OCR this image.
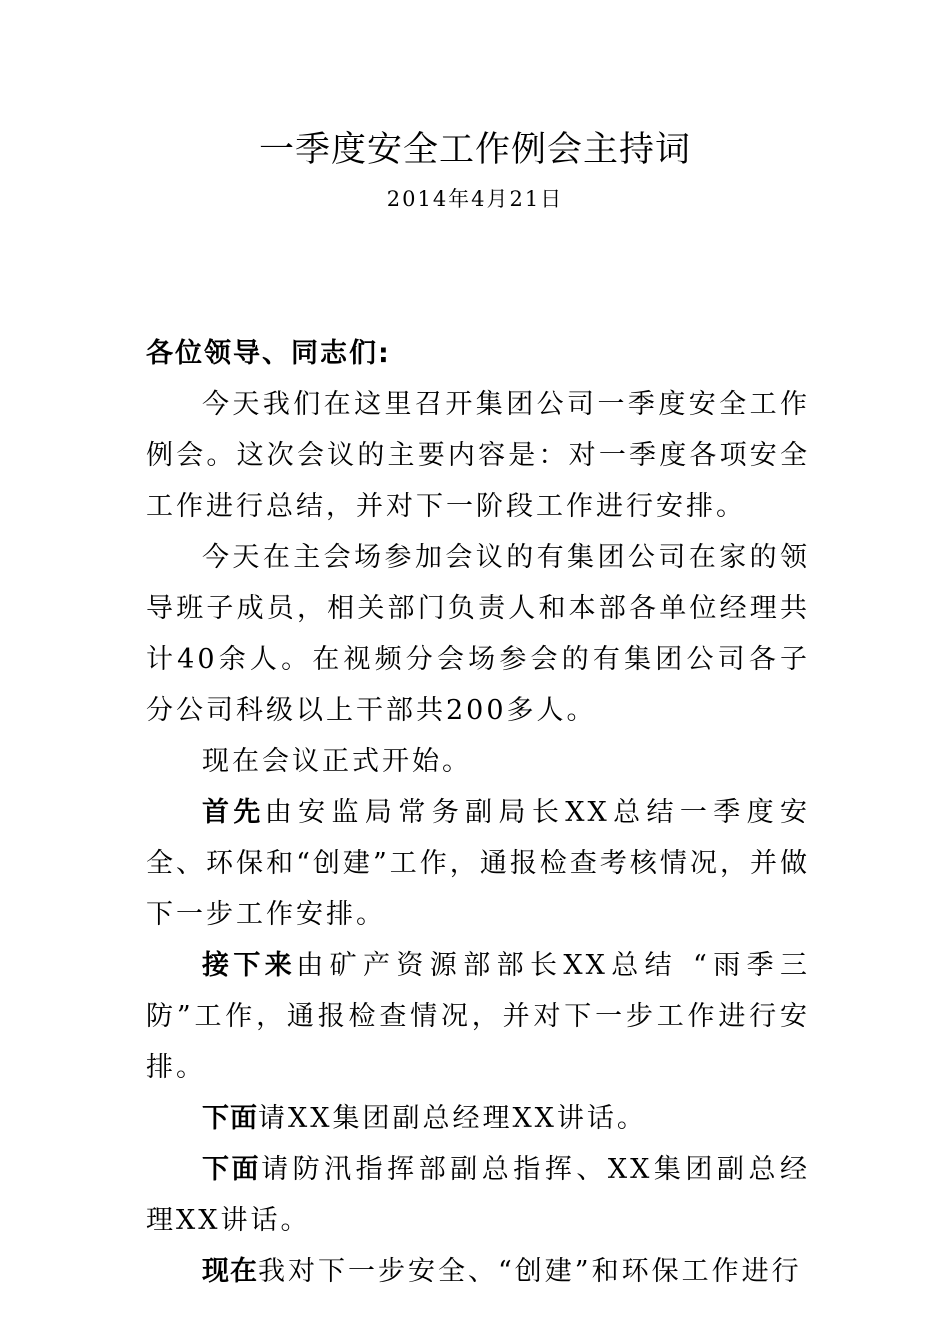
一季度安全工作例会主持词
2014年4月21日

各位领导、同志们:

今天我们在这里召开集团公司一季度安全工作例会。这次会议的主要内容是：对一季度各项安全工作进行总结，并对下一阶段工作进行安排。

今天在主会场参加会议的有集团公司在家的领导班子成员，相关部门负责人和本部各单位经理共计40余人。在视频分会场参会的有集团公司各子分公司科级以上干部共200多人。

现在会议正式开始。

首先由安监局常务副局长XX总结一季度安全、环保和“创建”工作，通报检查考核情况，并做下一步工作安排。

接下来由矿产资源部部长XX总结 “雨季三防”工作，通报检查情况，并对下一步工作进行安排。

下面请XX集团副总经理XX讲话。

下面请防汛指挥部副总指挥、XX集团副总经理XX讲话。

现在我对下一步安全、“创建”和环保工作进行
